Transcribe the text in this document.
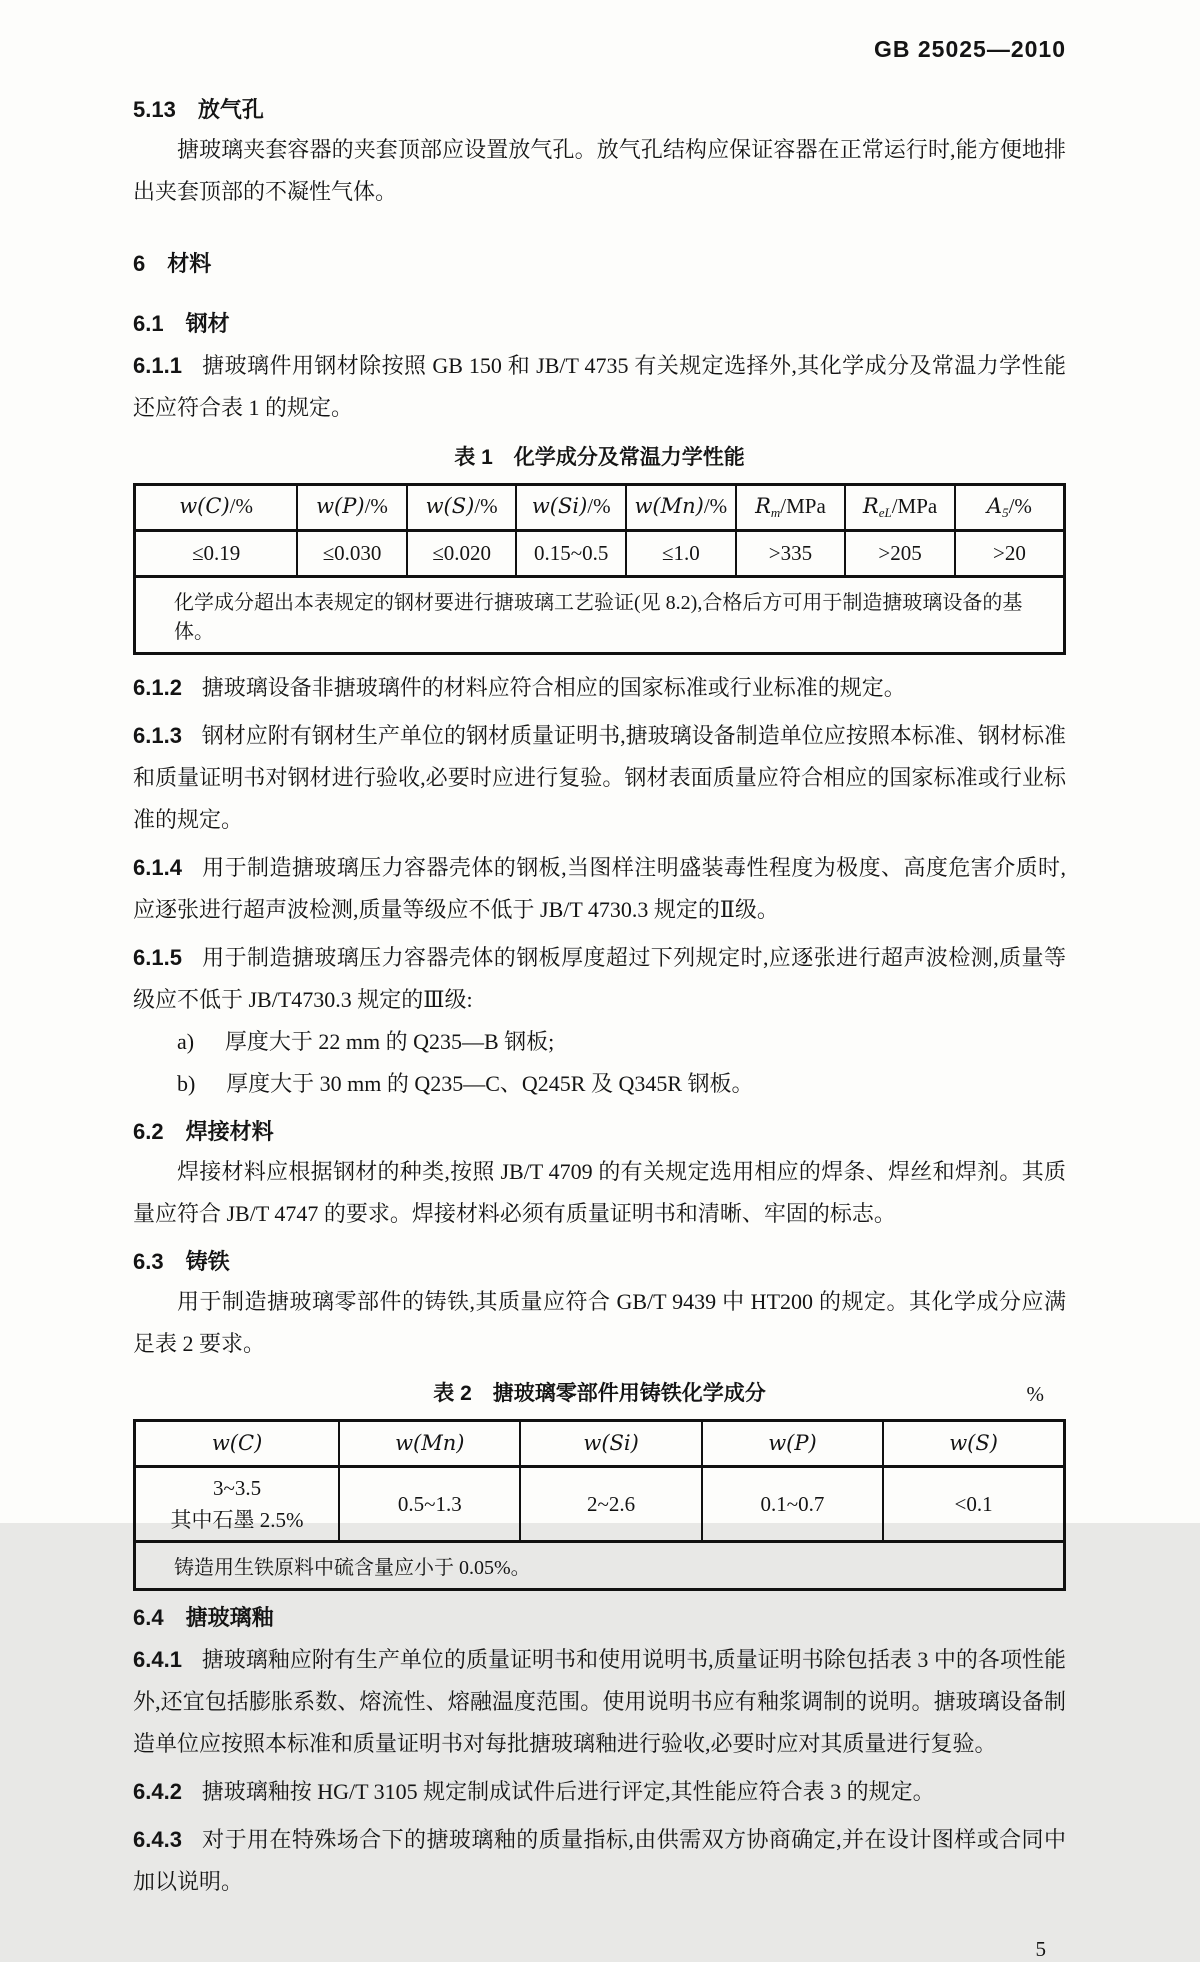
GB 25025—2010
5.13 放气孔

搪玻璃夹套容器的夹套顶部应设置放气孔。放气孔结构应保证容器在正常运行时,能方便地排出夹套顶部的不凝性气体。

6 材料
6.1 钢材

6.1.1 搪玻璃件用钢材除按照 GB 150 和 JB/T 4735 有关规定选择外,其化学成分及常温力学性能还应符合表 1 的规定。

表 1　化学成分及常温力学性能
w(C)/%	w(P)/%	w(S)/%	w(Si)/%	w(Mn)/%	$R_m$/MPa	$R_{eL}$/MPa	$A_5/\%$
≤0.19	≤0.030	≤0.020	0.15~0.5	≤1.0	>335	>205	>20
化学成分超出本表规定的钢材要进行搪玻璃工艺验证(见 8.2),合格后方可用于制造搪玻璃设备的基体。							

6.1.2 搪玻璃设备非搪玻璃件的材料应符合相应的国家标准或行业标准的规定。

6.1.3 钢材应附有钢材生产单位的钢材质量证明书,搪玻璃设备制造单位应按照本标准、钢材标准和质量证明书对钢材进行验收,必要时应进行复验。钢材表面质量应符合相应的国家标准或行业标准的规定。

6.1.4 用于制造搪玻璃压力容器壳体的钢板,当图样注明盛装毒性程度为极度、高度危害介质时,应逐张进行超声波检测,质量等级应不低于 JB/T 4730.3 规定的Ⅱ级。

6.1.5 用于制造搪玻璃压力容器壳体的钢板厚度超过下列规定时,应逐张进行超声波检测,质量等级应不低于 JB/T4730.3 规定的Ⅲ级:

a) 厚度大于 22 mm 的 Q235—B 钢板;
b) 厚度大于 30 mm 的 Q235—C、Q245R 及 Q345R 钢板。
6.2 焊接材料

焊接材料应根据钢材的种类,按照 JB/T 4709 的有关规定选用相应的焊条、焊丝和焊剂。其质量应符合 JB/T 4747 的要求。焊接材料必须有质量证明书和清晰、牢固的标志。

6.3 铸铁

用于制造搪玻璃零部件的铸铁,其质量应符合 GB/T 9439 中 HT200 的规定。其化学成分应满足表 2 要求。

表 2　搪玻璃零部件用铸铁化学成分	%
w(C)	w(Mn)	w(Si)	w(P)	w(S)

3~3.5
其中石墨 2.5%	0.5~1.3	2~2.6	0.1~0.7	<0.1
铸造用生铁原料中硫含量应小于 0.05%。				
6.4 搪玻璃釉

6.4.1 搪玻璃釉应附有生产单位的质量证明书和使用说明书,质量证明书除包括表 3 中的各项性能外,还宜包括膨胀系数、熔流性、熔融温度范围。使用说明书应有釉浆调制的说明。搪玻璃设备制造单位应按照本标准和质量证明书对每批搪玻璃釉进行验收,必要时应对其质量进行复验。

6.4.2 搪玻璃釉按 HG/T 3105 规定制成试件后进行评定,其性能应符合表 3 的规定。

6.4.3 对于用在特殊场合下的搪玻璃釉的质量指标,由供需双方协商确定,并在设计图样或合同中加以说明。

5
